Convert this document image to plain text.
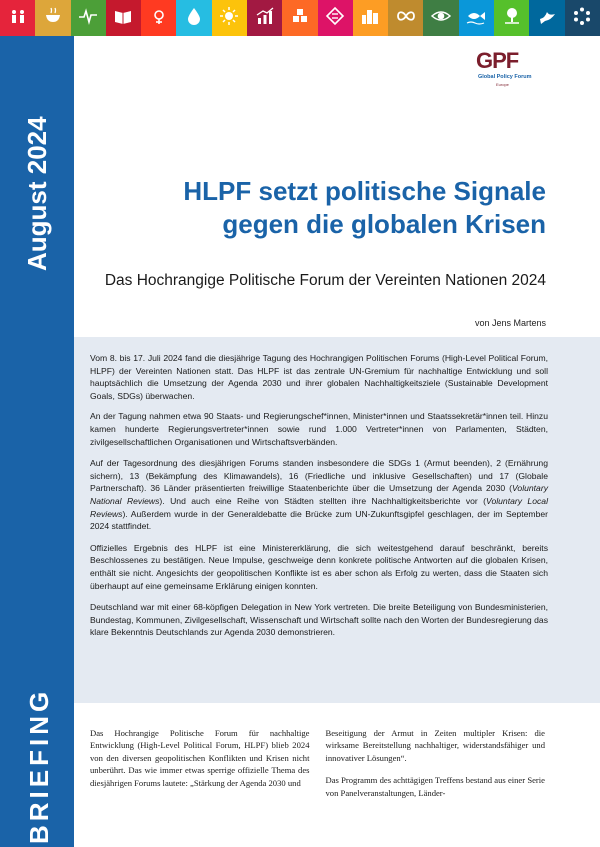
August 2024
BRIEFING
GPF
Global Policy Forum
Europe
HLPF setzt politische Signale
gegen die globalen Krisen
Das Hochrangige Politische Forum der Vereinten Nationen 2024
von Jens Martens

Vom 8. bis 17. Juli 2024 fand die diesjährige Tagung des Hochrangigen Politischen Forums (High-Level Political Forum, HLPF) der Vereinten Nationen statt. Das HLPF ist das zentrale UN-Gremium für nachhaltige Entwicklung und soll hauptsächlich die Umsetzung der Agenda 2030 und ihrer globalen Nachhaltigkeitsziele (Sustainable Development Goals, SDGs) überwachen.

An der Tagung nahmen etwa 90 Staats- und Regierungschef*innen, Minister*innen und Staatssekretär*innen teil. Hinzu kamen hunderte Regierungsvertreter*innen sowie rund 1.000 Vertreter*innen von Parlamenten, Städten, zivilgesellschaftlichen Organisationen und Wirtschaftsverbänden.

Auf der Tagesordnung des diesjährigen Forums standen insbesondere die SDGs 1 (Armut beenden), 2 (Ernährung sichern), 13 (Bekämpfung des Klimawandels), 16 (Friedliche und inklusive Gesellschaften) und 17 (Globale Partnerschaft). 36 Länder präsentierten freiwillige Staatenberichte über die Umsetzung der Agenda 2030 (Voluntary National Reviews). Und auch eine Reihe von Städten stellten ihre Nachhaltigkeitsberichte vor (Voluntary Local Reviews). Außerdem wurde in der Generaldebatte die Brücke zum UN-Zukunftsgipfel geschlagen, der im September 2024 stattfindet.

Offizielles Ergebnis des HLPF ist eine Ministererklärung, die sich weitestgehend darauf beschränkt, bereits Beschlossenes zu bestätigen. Neue Impulse, geschweige denn konkrete politische Antworten auf die globalen Krisen, enthält sie nicht. Angesichts der geopolitischen Konflikte ist es aber schon als Erfolg zu werten, dass die Staaten sich überhaupt auf eine gemeinsame Erklärung einigen konnten.

Deutschland war mit einer 68-köpfigen Delegation in New York vertreten. Die breite Beteiligung von Bundesministerien, Bundestag, Kommunen, Zivilgesellschaft, Wissenschaft und Wirtschaft sollte nach den Worten der Bundesregierung das klare Bekenntnis Deutschlands zur Agenda 2030 demonstrieren.

Das Hochrangige Politische Forum für nachhaltige Entwicklung (High-Level Political Forum, HLPF) blieb 2024 von den diversen geopolitischen Konflikten und Krisen nicht unberührt. Das wie immer etwas sperrige offizielle Thema des diesjährigen Forums lautete: „Stärkung der Agenda 2030 und

Beseitigung der Armut in Zeiten multipler Krisen: die wirksame Bereitstellung nachhaltiger, widerstandsfähiger und innovativer Lösungen“.

Das Programm des achttägigen Treffens bestand aus einer Serie von Panelveranstaltungen, Länder-
